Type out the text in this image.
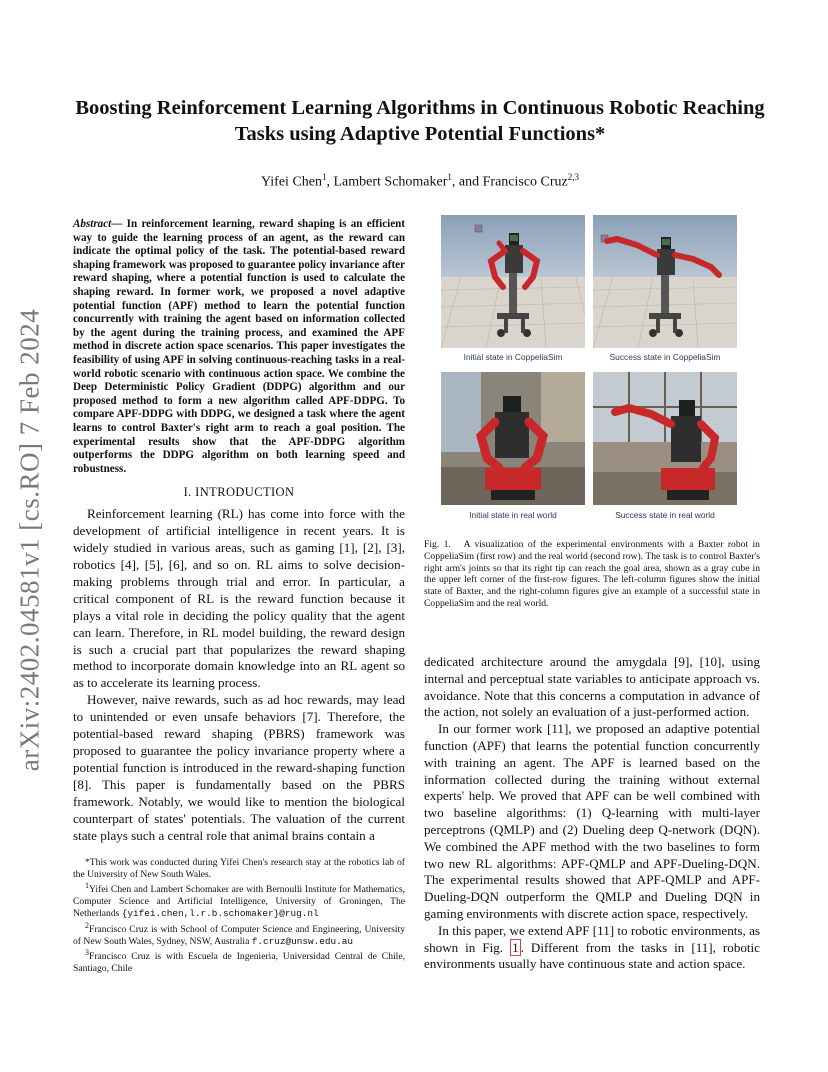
arXiv:2402.04581v1 [cs.RO] 7 Feb 2024
Boosting Reinforcement Learning Algorithms in Continuous Robotic Reaching Tasks using Adaptive Potential Functions*
Yifei Chen$^1$, Lambert Schomaker$^1$, and Francisco Cruz$^{2,3}$

Abstract— In reinforcement learning, reward shaping is an efficient way to guide the learning process of an agent, as the reward can indicate the optimal policy of the task. The potential-based reward shaping framework was proposed to guarantee policy invariance after reward shaping, where a potential function is used to calculate the shaping reward. In former work, we proposed a novel adaptive potential function (APF) method to learn the potential function concurrently with training the agent based on information collected by the agent during the training process, and examined the APF method in discrete action space scenarios. This paper investigates the feasibility of using APF in solving continuous-reaching tasks in a real-world robotic scenario with continuous action space. We combine the Deep Deterministic Policy Gradient (DDPG) algorithm and our proposed method to form a new algorithm called APF-DDPG. To compare APF-DDPG with DDPG, we designed a task where the agent learns to control Baxter's right arm to reach a goal position. The experimental results show that the APF-DDPG algorithm outperforms the DDPG algorithm on both learning speed and robustness.

I. INTRODUCTION

Reinforcement learning (RL) has come into force with the development of artificial intelligence in recent years. It is widely studied in various areas, such as gaming [1], [2], [3], robotics [4], [5], [6], and so on. RL aims to solve decision-making problems through trial and error. In particular, a critical component of RL is the reward function because it plays a vital role in deciding the policy quality that the agent can learn. Therefore, in RL model building, the reward design is such a crucial part that popularizes the reward shaping method to incorporate domain knowledge into an RL agent so as to accelerate its learning process.

However, naive rewards, such as ad hoc rewards, may lead to unintended or even unsafe behaviors [7]. Therefore, the potential-based reward shaping (PBRS) framework was proposed to guarantee the policy invariance property where a potential function is introduced in the reward-shaping function [8]. This paper is fundamentally based on the PBRS framework. Notably, we would like to mention the biological counterpart of states' potentials. The valuation of the current state plays such a central role that animal brains contain a

*This work was conducted during Yifei Chen's research stay at the robotics lab of the University of New South Wales.

$^1$Yifei Chen and Lambert Schomaker are with Bernoulli Institute for Mathematics, Computer Science and Artificial Intelligence, University of Groningen, The Netherlands {yifei.chen,l.r.b.schomaker}@rug.nl

$^2$Francisco Cruz is with School of Computer Science and Engineering, University of New South Wales, Sydney, NSW, Australia f.cruz@unsw.edu.au

$^3$Francisco Cruz is with Escuela de Ingenieria, Universidad Central de Chile, Santiago, Chile

Initial state in CoppeliaSim	Success state in CoppeliaSim
Initial state in real world	Success state in real world

Fig. 1. A visualization of the experimental environments with a Baxter robot in CoppeliaSim (first row) and the real world (second row). The task is to control Baxter's right arm's joints so that its right tip can reach the goal area, shown as a gray cube in the upper left corner of the first-row figures. The left-column figures show the initial state of Baxter, and the right-column figures give an example of a successful state in CoppeliaSim and the real world.

dedicated architecture around the amygdala [9], [10], using internal and perceptual state variables to anticipate approach vs. avoidance. Note that this concerns a computation in advance of the action, not solely an evaluation of a just-performed action.

In our former work [11], we proposed an adaptive potential function (APF) that learns the potential function concurrently with training an agent. The APF is learned based on the information collected during the training without external experts' help. We proved that APF can be well combined with two baseline algorithms: (1) Q-learning with multi-layer perceptrons (QMLP) and (2) Dueling deep Q-network (DQN). We combined the APF method with the two baselines to form two new RL algorithms: APF-QMLP and APF-Dueling-DQN. The experimental results showed that APF-QMLP and APF-Dueling-DQN outperform the QMLP and Dueling DQN in gaming environments with discrete action space, respectively.

In this paper, we extend APF [11] to robotic environments, as shown in Fig. 1 . Different from the tasks in [11], robotic environments usually have continuous state and action space.
